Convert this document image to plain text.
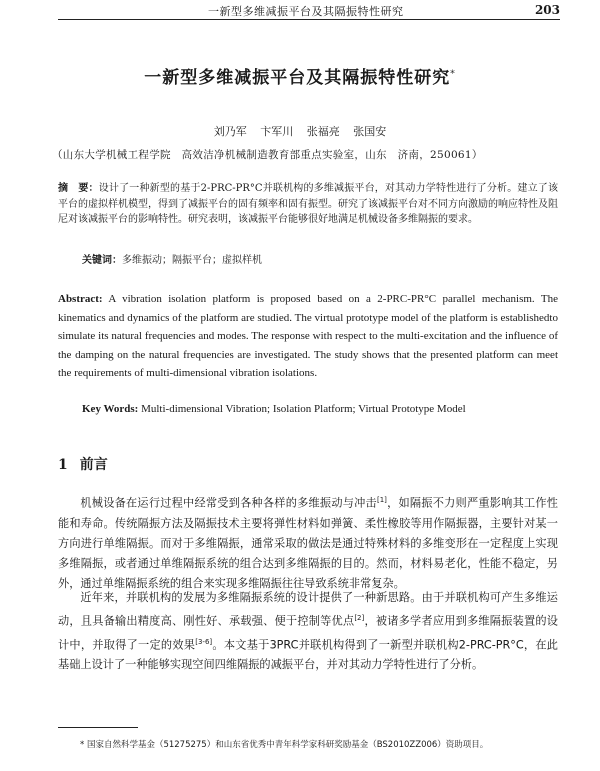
一新型多维减振平台及其隔振特性研究	203
一新型多维减振平台及其隔振特性研究*
刘乃军 卞军川 张福亮 张国安
（山东大学机械工程学院　高效洁净机械制造教育部重点实验室，山东　济南，250061）
摘　要：设计了一种新型的基于2-PRC-PR°C并联机构的多维减振平台，对其动力学特性进行了分析。建立了该平台的虚拟样机模型，得到了减振平台的固有频率和固有振型。研究了该减振平台对不同方向激励的响应特性及阻尼对该减振平台的影响特性。研究表明，该减振平台能够很好地满足机械设备多维隔振的要求。
关键词：多维振动；隔振平台；虚拟样机
Abstract: A vibration isolation platform is proposed based on a 2-PRC-PR°C parallel mechanism. The kinematics and dynamics of the platform are studied. The virtual prototype model of the platform is establishedto simulate its natural frequencies and modes. The response with respect to the multi-excitation and the influence of the damping on the natural frequencies are investigated. The study shows that the presented platform can meet the requirements of multi-dimensional vibration isolations.
Key Words: Multi-dimensional Vibration; Isolation Platform; Virtual Prototype Model
1 前言
机械设备在运行过程中经常受到各种各样的多维振动与冲击[1]，如隔振不力则严重影响其工作性能和寿命。传统隔振方法及隔振技术主要将弹性材料如弹簧、柔性橡胶等用作隔振器，主要针对某一方向进行单维隔振。而对于多维隔振，通常采取的做法是通过特殊材料的多维变形在一定程度上实现多维隔振，或者通过单维隔振系统的组合达到多维隔振的目的。然而，材料易老化，性能不稳定，另外，通过单维隔振系统的组合来实现多维隔振往往导致系统非常复杂。
近年来，并联机构的发展为多维隔振系统的设计提供了一种新思路。由于并联机构可产生多维运动，且具备输出精度高、刚性好、承载强、便于控制等优点[2]，被诸多学者应用到多维隔振装置的设计中，并取得了一定的效果[3-6]。本文基于3PRC并联机构得到了一新型并联机构2-PRC-PR°C，在此基础上设计了一种能够实现空间四维隔振的减振平台，并对其动力学特性进行了分析。
* 国家自然科学基金（51275275）和山东省优秀中青年科学家科研奖励基金（BS2010ZZ006）资助项目。
